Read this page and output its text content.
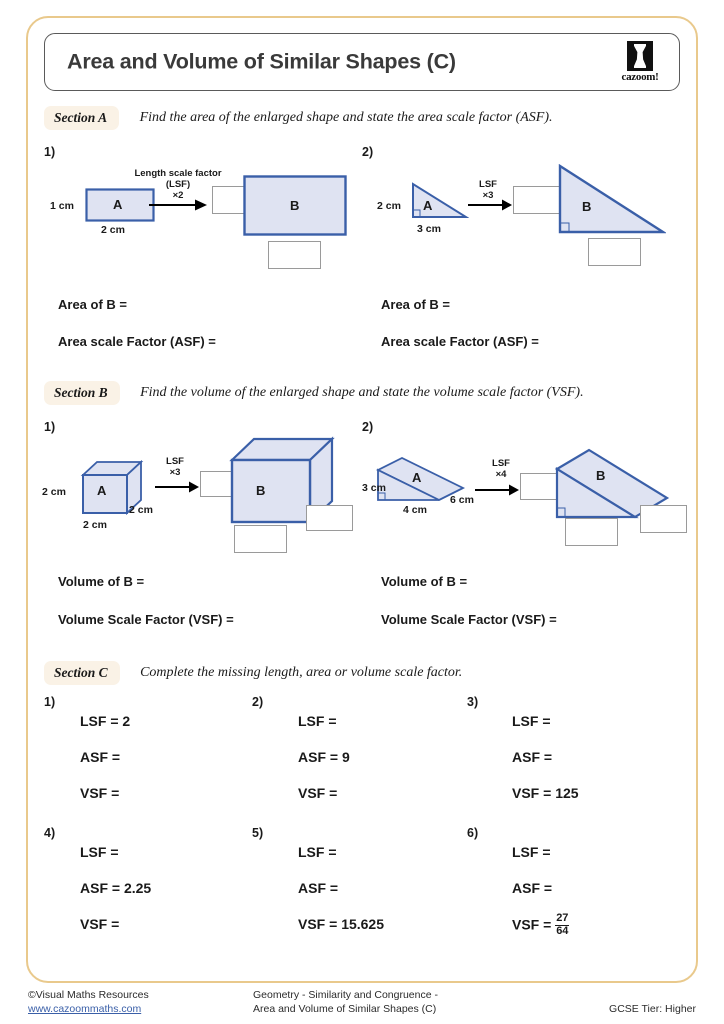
Area and Volume of Similar Shapes (C)
cazoom!
Section A Find the area of the enlarged shape and state the area scale factor (ASF).
1)
Length scale factor
(LSF)
×2
A
1 cm
2 cm
B
Area of B =
Area scale Factor (ASF) =
2)
LSF
×3
A
2 cm
3 cm
B
Area of B =
Area scale Factor (ASF) =
Section B Find the volume of the enlarged shape and state the volume scale factor (VSF).
1)
LSF
×3
A
2 cm
2 cm
2 cm
B
Volume of B =
Volume Scale Factor (VSF) =
2)
LSF
×4
A
3 cm
4 cm
6 cm
B
Volume of B =
Volume Scale Factor (VSF) =
Section C Complete the missing length, area or volume scale factor.
1)
LSF = 2
ASF =
VSF =
2)
LSF =
ASF = 9
VSF =
3)
LSF =
ASF =
VSF = 125
4)
LSF =
ASF = 2.25
VSF =
5)
LSF =
ASF =
VSF = 15.625
6)
LSF =
ASF =
VSF = $\frac{27}{64}$
©Visual Maths Resources
www.cazoommaths.com
Geometry - Similarity and Congruence -
Area and Volume of Similar Shapes (C)	GCSE Tier: Higher
